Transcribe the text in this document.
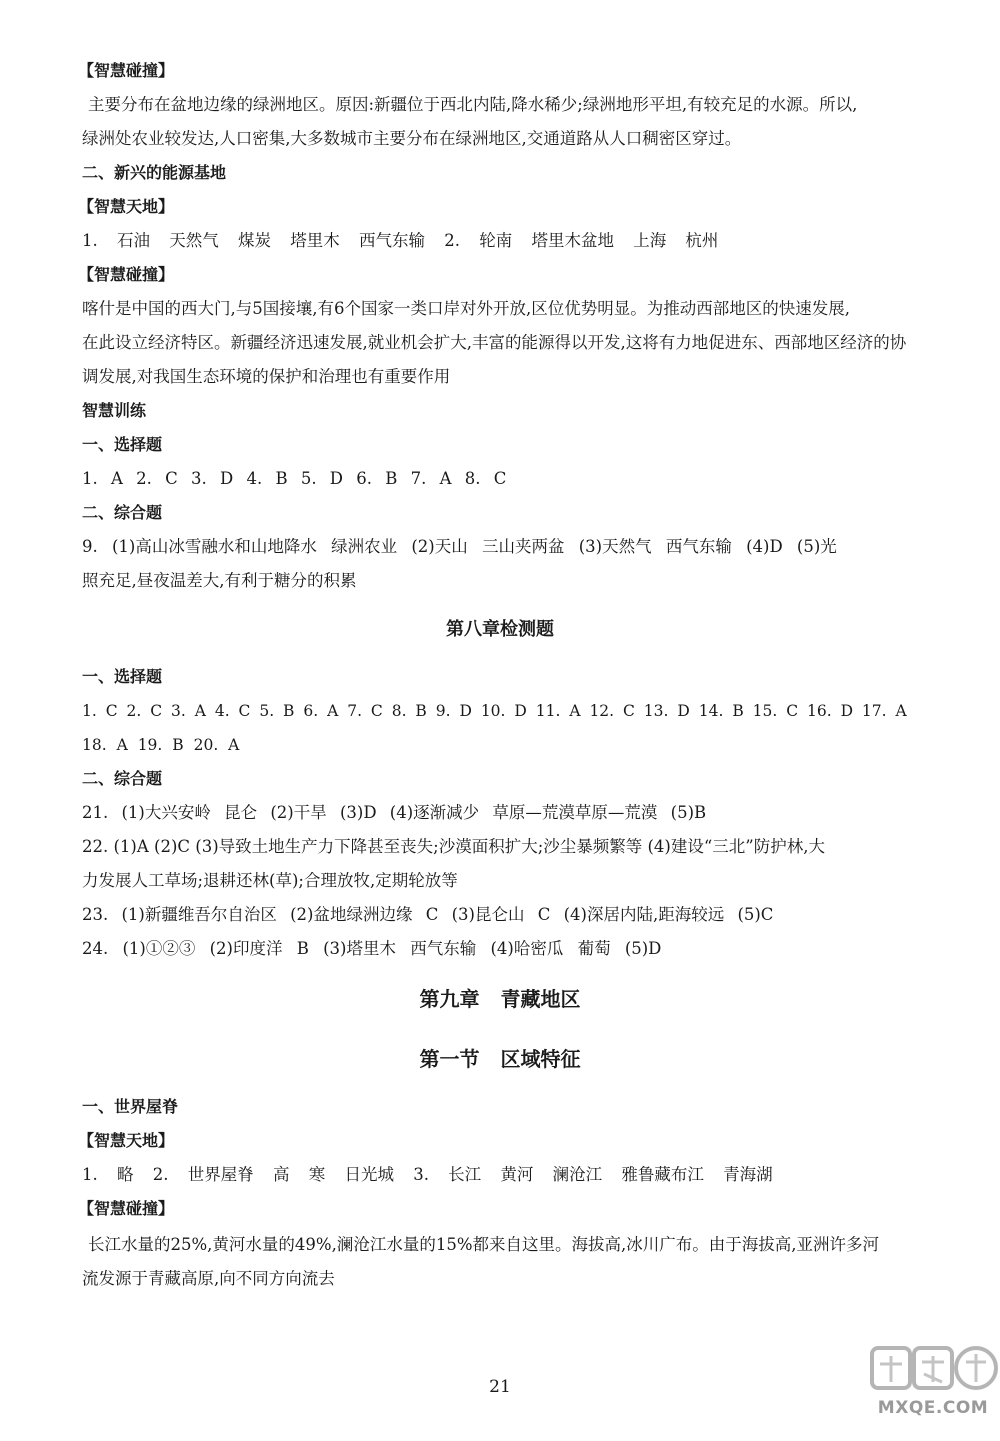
【智慧碰撞】
主要分布在盆地边缘的绿洲地区。原因:新疆位于西北内陆,降水稀少;绿洲地形平坦,有较充足的水源。所以,
绿洲处农业较发达,人口密集,大多数城市主要分布在绿洲地区,交通道路从人口稠密区穿过。
二、新兴的能源基地
【智慧天地】
1. 石油 天然气 煤炭 塔里木 西气东输 2. 轮南 塔里木盆地 上海 杭州
【智慧碰撞】
喀什是中国的西大门,与5国接壤,有6个国家一类口岸对外开放,区位优势明显。为推动西部地区的快速发展,
在此设立经济特区。新疆经济迅速发展,就业机会扩大,丰富的能源得以开发,这将有力地促进东、西部地区经济的协
调发展,对我国生态环境的保护和治理也有重要作用
智慧训练
一、选择题
1. A 2. C 3. D 4. B 5. D 6. B 7. A 8. C
二、综合题
9. (1)高山冰雪融水和山地降水 绿洲农业 (2)天山 三山夹两盆 (3)天然气 西气东输 (4)D (5)光
照充足,昼夜温差大,有利于糖分的积累
第八章检测题
一、选择题
1. C 2. C 3. A 4. C 5. B 6. A 7. C 8. B 9. D 10. D 11. A 12. C 13. D 14. B 15. C 16. D 17. A
18. A 19. B 20. A
二、综合题
21. (1)大兴安岭 昆仑 (2)干旱 (3)D (4)逐渐减少 草原—荒漠草原—荒漠 (5)B
22. (1)A (2)C (3)导致土地生产力下降甚至丧失;沙漠面积扩大;沙尘暴频繁等 (4)建设“三北”防护林,大
力发展人工草场;退耕还林(草);合理放牧,定期轮放等
23. (1)新疆维吾尔自治区 (2)盆地绿洲边缘 C (3)昆仑山 C (4)深居内陆,距海较远 (5)C
24. (1)①②③ (2)印度洋 B (3)塔里木 西气东输 (4)哈密瓜 葡萄 (5)D
第九章 青藏地区
第一节 区域特征
一、世界屋脊
【智慧天地】
1. 略 2. 世界屋脊 高 寒 日光城 3. 长江 黄河 澜沧江 雅鲁藏布江 青海湖
【智慧碰撞】
长江水量的25%,黄河水量的49%,澜沧江水量的15%都来自这里。海拔高,冰川广布。由于海拔高,亚洲许多河
流发源于青藏高原,向不同方向流去
21
MXQE.COM
